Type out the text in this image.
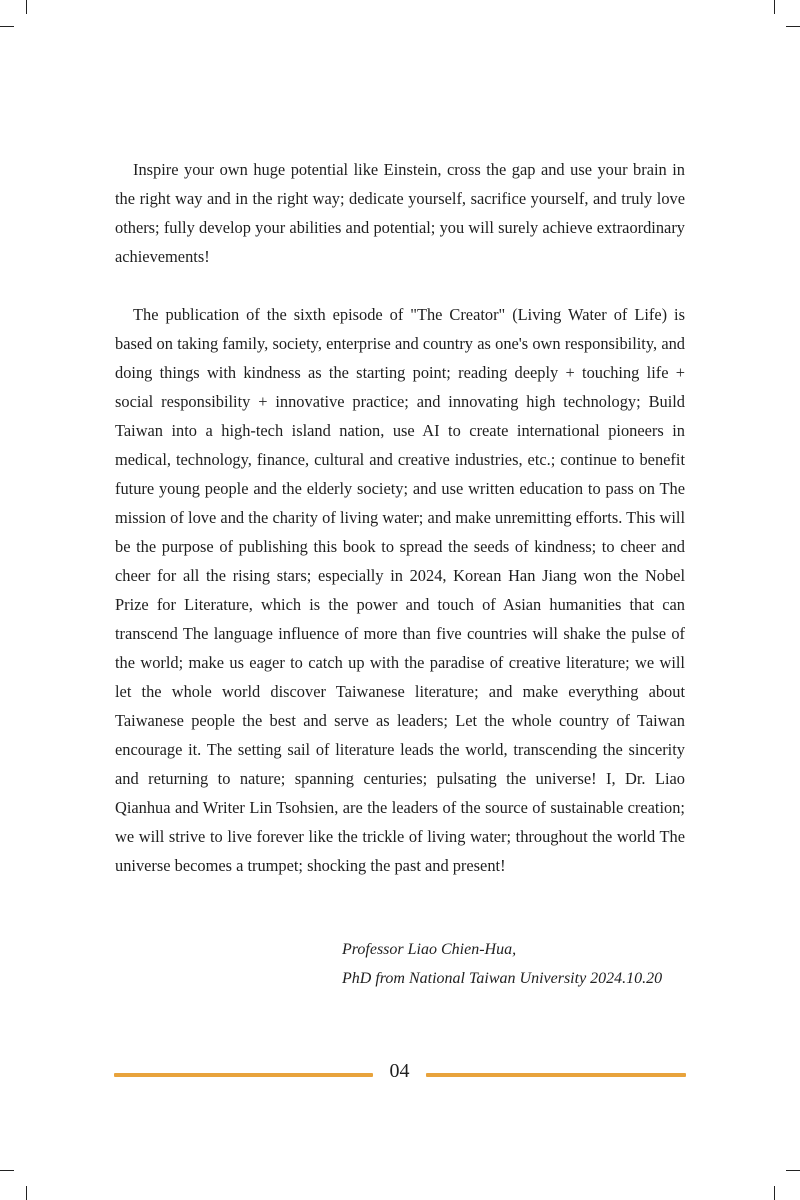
Inspire your own huge potential like Einstein, cross the gap and use your brain in the right way and in the right way; dedicate yourself, sacrifice yourself, and truly love others; fully develop your abilities and potential; you will surely achieve extraordinary achievements!

The publication of the sixth episode of "The Creator" (Living Water of Life) is based on taking family, society, enterprise and country as one's own responsibility, and doing things with kindness as the starting point; reading deeply + touching life + social responsibility + innovative practice; and innovating high technology; Build Taiwan into a high-tech island nation, use AI to create international pioneers in medical, technology, finance, cultural and creative industries, etc.; continue to benefit future young people and the elderly society; and use written education to pass on The mission of love and the charity of living water; and make unremitting efforts. This will be the purpose of publishing this book to spread the seeds of kindness; to cheer and cheer for all the rising stars; especially in 2024, Korean Han Jiang won the Nobel Prize for Literature, which is the power and touch of Asian humanities that can transcend The language influence of more than five countries will shake the pulse of the world; make us eager to catch up with the paradise of creative literature; we will let the whole world discover Taiwanese literature; and make everything about Taiwanese people the best and serve as leaders; Let the whole country of Taiwan encourage it. The setting sail of literature leads the world, transcending the sincerity and returning to nature; spanning centuries; pulsating the universe! I, Dr. Liao Qianhua and Writer Lin Tsohsien, are the leaders of the source of sustainable creation; we will strive to live forever like the trickle of living water; throughout the world The universe becomes a trumpet; shocking the past and present!

Professor Liao Chien-Hua,
PhD from National Taiwan University 2024.10.20
04
